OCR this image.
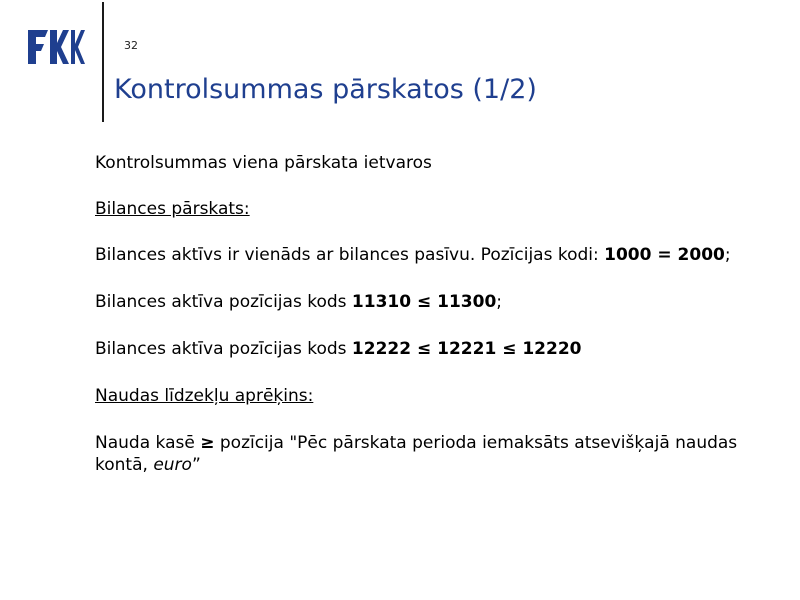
32
Kontrolsummas pārskatos (1/2)

Kontrolsummas viena pārskata ietvaros

Bilances pārskats:

Bilances aktīvs ir vienāds ar bilances pasīvu. Pozīcijas kodi: 1000 = 2000;

Bilances aktīva pozīcijas kods 11310 ≤ 11300;

Bilances aktīva pozīcijas kods 12222 ≤ 12221 ≤ 12220

Naudas līdzekļu aprēķins:

Nauda kasē ≥ pozīcija "Pēc pārskata perioda iemaksāts atsevišķajā naudas kontā, euro”
